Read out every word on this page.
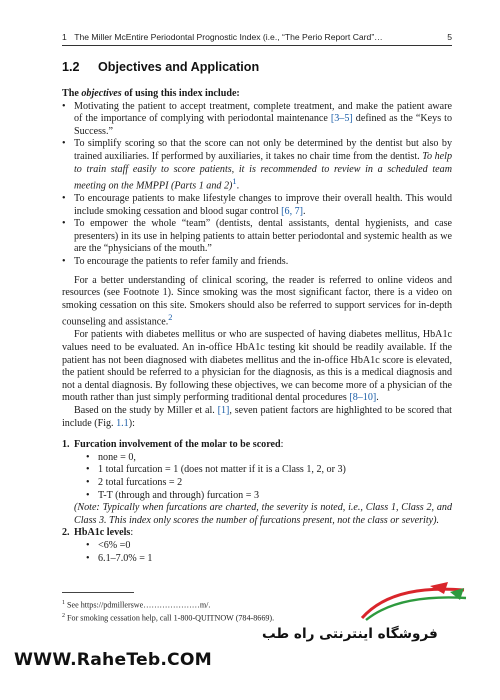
1 The Miller McEntire Periodontal Prognostic Index (i.e., “The Perio Report Card”…	5
1.2 Objectives and Application

The objectives of using this index include:

• Motivating the patient to accept treatment, complete treatment, and make the patient aware of the importance of complying with periodontal maintenance [3–5] defined as the “Keys to Success.”
• To simplify scoring so that the score can not only be determined by the dentist but also by trained auxiliaries. If performed by auxiliaries, it takes no chair time from the dentist. To help to train staff easily to score patients, it is recommended to review in a scheduled team meeting on the MMPPI (Parts 1 and 2)$^1$.
• To encourage patients to make lifestyle changes to improve their overall health. This would include smoking cessation and blood sugar control [6, 7].
• To empower the whole “team” (dentists, dental assistants, dental hygienists, and case presenters) in its use in helping patients to attain better periodontal and systemic health as we are the “physicians of the mouth.”
• To encourage the patients to refer family and friends.

For a better understanding of clinical scoring, the reader is referred to online videos and resources (see Footnote 1). Since smoking was the most significant factor, there is a video on smoking cessation on this site. Smokers should also be referred to support services for in-depth counseling and assistance.$^2$

For patients with diabetes mellitus or who are suspected of having diabetes mellitus, HbA1c values need to be evaluated. An in-office HbA1c testing kit should be readily available. If the patient has not been diagnosed with diabetes mellitus and the in-office HbA1c score is elevated, the patient should be referred to a physician for the diagnosis, as this is a medical diagnosis and not a dental diagnosis. By following these objectives, we can become more of a physician of the mouth rather than just simply performing traditional dental procedures [8–10].

Based on the study by Miller et al. [1], seven patient factors are highlighted to be scored that include (Fig. 1.1):

1. Furcation involvement of the molar to be scored:
• none = 0,
• 1 total furcation = 1 (does not matter if it is a Class 1, 2, or 3)
• 2 total furcations = 2
• T-T (through and through) furcation = 3
(Note: Typically when furcations are charted, the severity is noted, i.e., Class 1, Class 2, and Class 3. This index only scores the number of furcations present, not the class or severity).
2. HbA1c levels:
• <6% =0
• 6.1–7.0% = 1
$^1$ See https://pdmillerswe…………………m/.
$^2$ For smoking cessation help, call 1-800-QUITNOW (784-8669).
فروشگاه اینترنتی راه طب
WWW.RaheTeb.COM
